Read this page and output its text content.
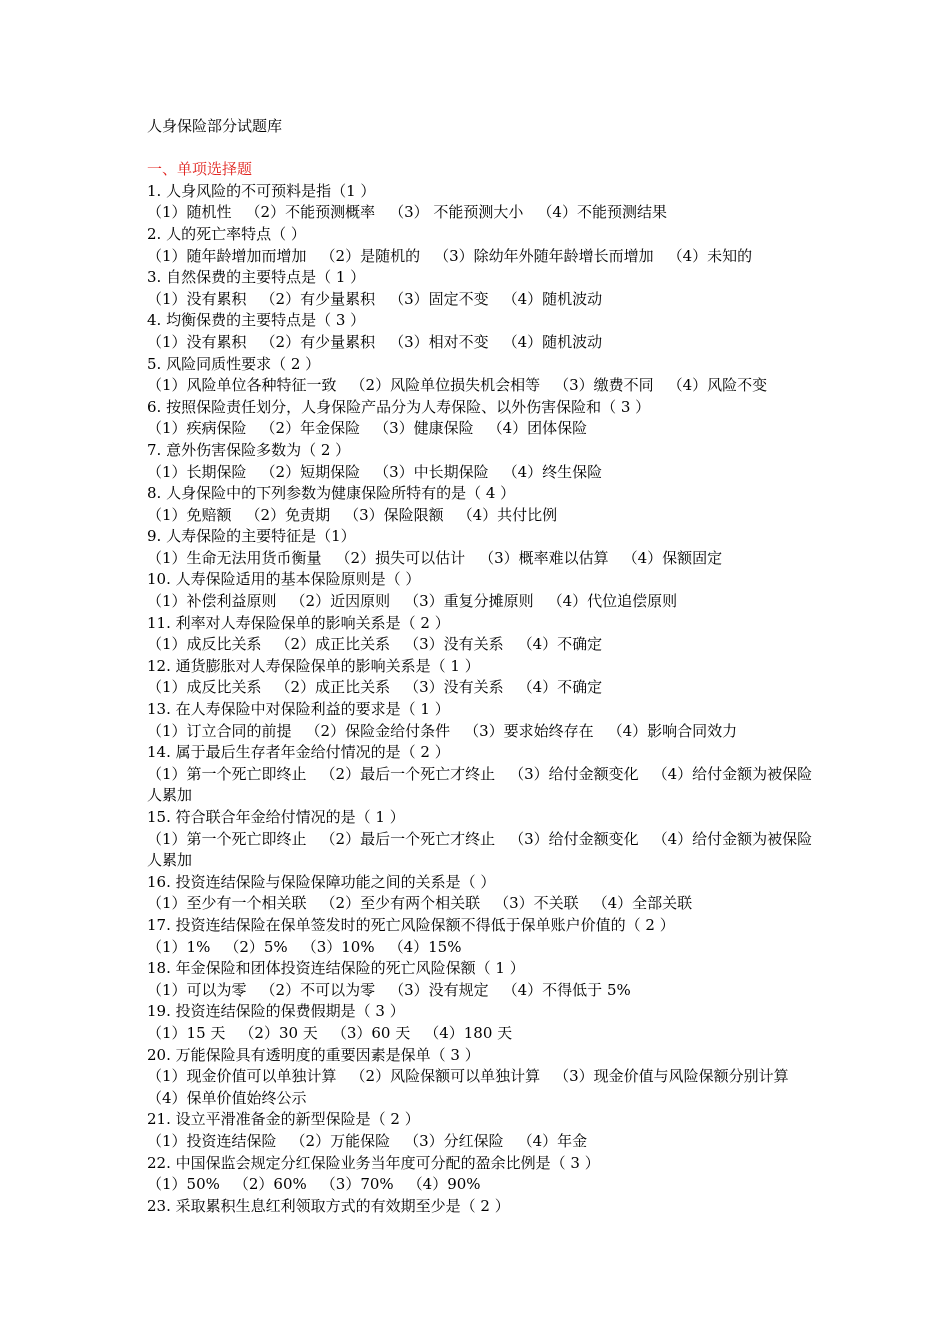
人身保险部分试题库
一、单项选择题
1. 人身风险的不可预料是指（1 ）
（1）随机性 （2）不能预测概率 （3） 不能预测大小 （4）不能预测结果
2. 人的死亡率特点（ ）
（1）随年龄增加而增加 （2）是随机的 （3）除幼年外随年龄增长而增加 （4）未知的
3. 自然保费的主要特点是（ 1 ）
（1）没有累积 （2）有少量累积 （3）固定不变 （4）随机波动
4. 均衡保费的主要特点是（ 3 ）
（1）没有累积 （2）有少量累积 （3）相对不变 （4）随机波动
5. 风险同质性要求（ 2 ）
（1）风险单位各种特征一致 （2）风险单位损失机会相等 （3）缴费不同 （4）风险不变
6. 按照保险责任划分，人身保险产品分为人寿保险、以外伤害保险和（ 3 ）
（1）疾病保险 （2）年金保险 （3）健康保险 （4）团体保险
7. 意外伤害保险多数为（ 2 ）
（1）长期保险 （2）短期保险 （3）中长期保险 （4）终生保险
8. 人身保险中的下列参数为健康保险所特有的是（ 4 ）
（1）免赔额 （2）免责期 （3）保险限额 （4）共付比例
9. 人寿保险的主要特征是（1）
（1）生命无法用货币衡量 （2）损失可以估计 （3）概率难以估算 （4）保额固定
10. 人寿保险适用的基本保险原则是（ ）
（1）补偿利益原则 （2）近因原则 （3）重复分摊原则 （4）代位追偿原则
11. 利率对人寿保险保单的影响关系是（ 2 ）
（1）成反比关系 （2）成正比关系 （3）没有关系 （4）不确定
12. 通货膨胀对人寿保险保单的影响关系是（ 1 ）
（1）成反比关系 （2）成正比关系 （3）没有关系 （4）不确定
13. 在人寿保险中对保险利益的要求是（ 1 ）
（1）订立合同的前提 （2）保险金给付条件 （3）要求始终存在 （4）影响合同效力
14. 属于最后生存者年金给付情况的是（ 2 ）
（1）第一个死亡即终止 （2）最后一个死亡才终止 （3）给付金额变化 （4）给付金额为被保险
人累加
15. 符合联合年金给付情况的是（ 1 ）
（1）第一个死亡即终止 （2）最后一个死亡才终止 （3）给付金额变化 （4）给付金额为被保险
人累加
16. 投资连结保险与保险保障功能之间的关系是（ ）
（1）至少有一个相关联 （2）至少有两个相关联 （3）不关联 （4）全部关联
17. 投资连结保险在保单签发时的死亡风险保额不得低于保单账户价值的（ 2 ）
（1）1% （2）5% （3）10% （4）15%
18. 年金保险和团体投资连结保险的死亡风险保额（ 1 ）
（1）可以为零 （2）不可以为零 （3）没有规定 （4）不得低于 5%
19. 投资连结保险的保费假期是（ 3 ）
（1）15 天 （2）30 天 （3）60 天 （4）180 天
20. 万能保险具有透明度的重要因素是保单（ 3 ）
（1）现金价值可以单独计算 （2）风险保额可以单独计算 （3）现金价值与风险保额分别计算
（4）保单价值始终公示
21. 设立平滑准备金的新型保险是（ 2 ）
（1）投资连结保险 （2）万能保险 （3）分红保险 （4）年金
22. 中国保监会规定分红保险业务当年度可分配的盈余比例是（ 3 ）
（1）50% （2）60% （3）70% （4）90%
23. 采取累积生息红利领取方式的有效期至少是（ 2 ）
